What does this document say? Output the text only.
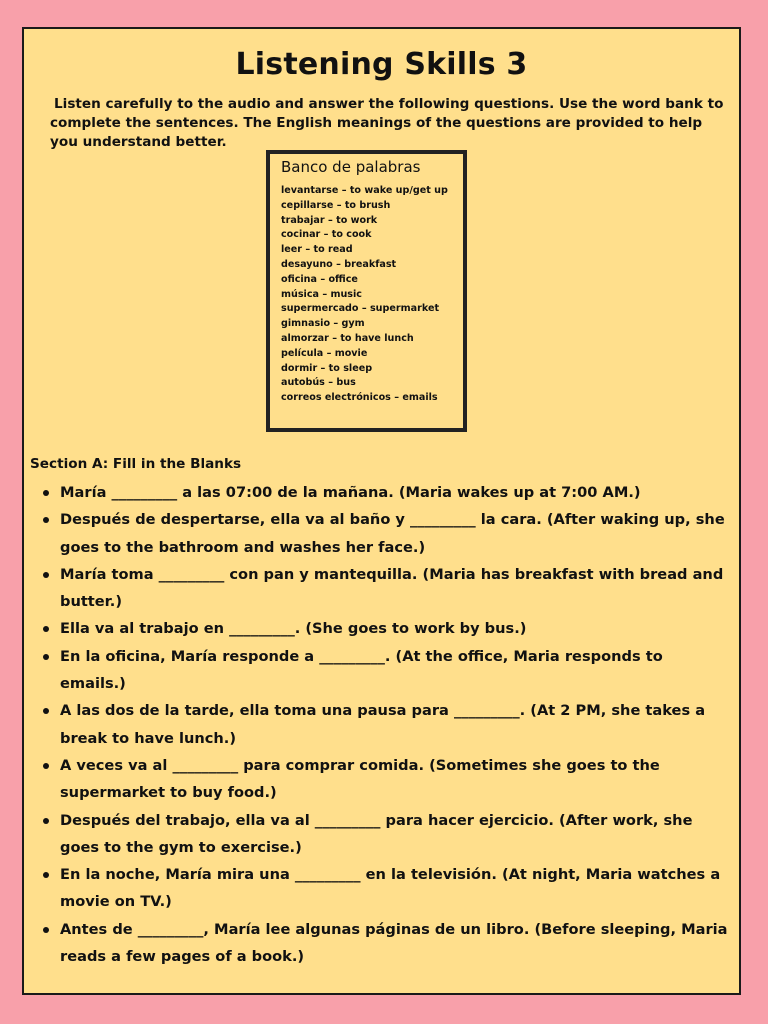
Listening Skills 3
Listen carefully to the audio and answer the following questions. Use the word bank to complete the sentences. The English meanings of the questions are provided to help you understand better.
Banco de palabras
levantarse – to wake up/get up
cepillarse – to brush
trabajar – to work
cocinar – to cook
leer – to read
desayuno – breakfast
oficina – office
música – music
supermercado – supermarket
gimnasio – gym
almorzar – to have lunch
película – movie
dormir – to sleep
autobús – bus
correos electrónicos – emails
Section A: Fill in the Blanks
María _________ a las 07:00 de la mañana. (Maria wakes up at 7:00 AM.)
Después de despertarse, ella va al baño y _________ la cara. (After waking up, she goes to the bathroom and washes her face.)
María toma _________ con pan y mantequilla. (Maria has breakfast with bread and butter.)
Ella va al trabajo en _________. (She goes to work by bus.)
En la oficina, María responde a _________. (At the office, Maria responds to emails.)
A las dos de la tarde, ella toma una pausa para _________. (At 2 PM, she takes a break to have lunch.)
A veces va al _________ para comprar comida. (Sometimes she goes to the supermarket to buy food.)
Después del trabajo, ella va al _________ para hacer ejercicio. (After work, she goes to the gym to exercise.)
En la noche, María mira una _________ en la televisión. (At night, Maria watches a movie on TV.)
Antes de _________, María lee algunas páginas de un libro. (Before sleeping, Maria reads a few pages of a book.)
